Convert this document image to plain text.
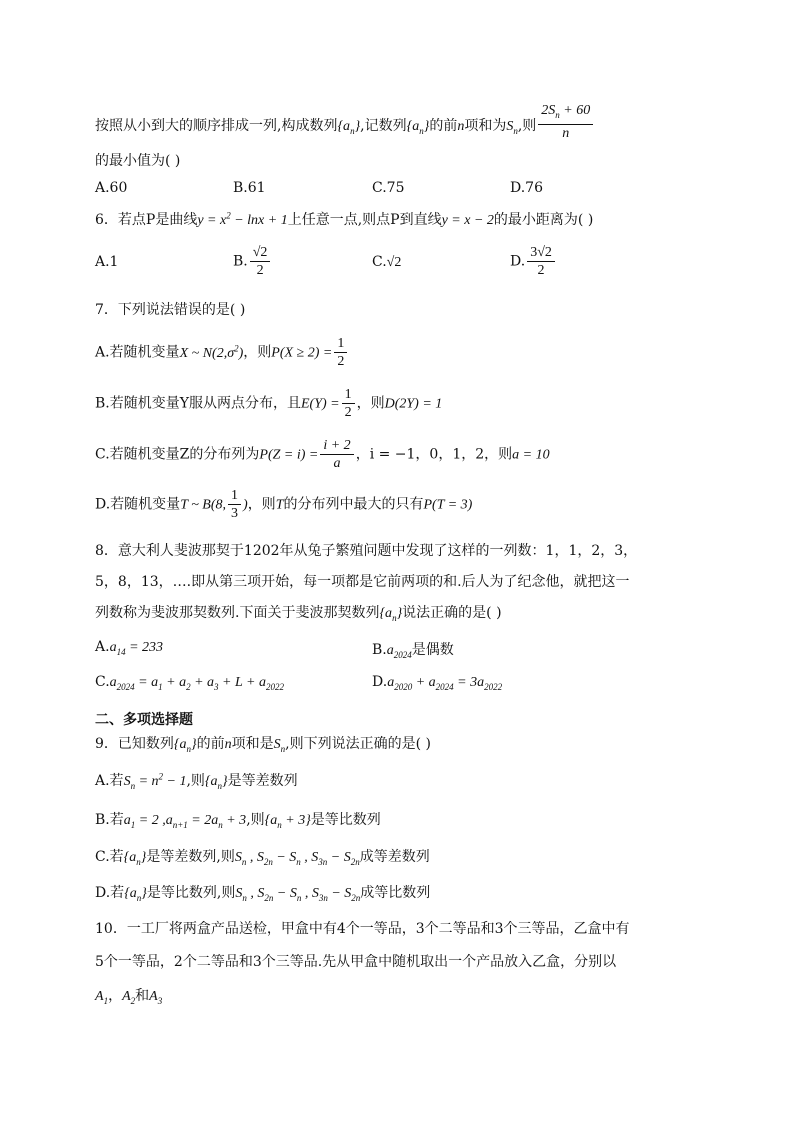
按照从小到大的顺序排成一列,构成数列$\{a_n\}$,记数列$\{a_n\}$的前n项和为$S_n$,则 $\frac{2S_n + 60}{n}$
的最小值为( )
A.60	B.61	C.75	D.76
6．若点P是曲线$y = x^2 - \ln x + 1$上任意一点,则点P到直线y = x − 2的最小距离为( )
A.1	B. $\frac{√2}{2}$	C.√2	D. $\frac{3√2}{2}$
7．下列说法错误的是( )
A.若随机变量X ~ $N(2,\sigma^2)$，则$P(X \ge 2) = \frac{1}{2}$
B.若随机变量Y服从两点分布，且$E(Y) = \frac{1}{2}$ ，则D(2Y) = 1
C.若随机变量Z的分布列为$P(Z = i) = \frac{i + 2}{a}$ ，i = −1，0，1，2，则a = 10
D.若随机变量T ~ B(8, $\frac{1}{3}$ )，则T的分布列中最大的只有P(T = 3)
8．意大利人斐波那契于1202年从兔子繁殖问题中发现了这样的一列数：1，1，2，3，
5，8，13，….即从第三项开始，每一项都是它前两项的和.后人为了纪念他，就把这一
列数称为斐波那契数列.下面关于斐波那契数列$\{a_n\}$说法正确的是( )
$A.a_{14} = 233$	$B.a_{2024}$是偶数
$C.a_{2024} = a_1 + a_2 + a_3 + L + a_{2022}$	$D.a_{2020} + a_{2024} = 3a_{2022}$
二、多项选择题
9．已知数列$\{a_n\}$的前n项和是$S_n$,则下列说法正确的是( )
A.若$S_n = n^2 - 1$,则$\{a_n\}$是等差数列
B.若$a_1 = 2$ $,a_{n+1} = 2a_n + 3$,则$\{a_n + 3\}$是等比数列
C.若$\{a_n\}$是等差数列,则$S_n$ , $S_{2n} - S_n$ , $S_{3n} - S_{2n}$成等差数列
D.若$\{a_n\}$是等比数列,则$S_n$ , $S_{2n} - S_n$ , $S_{3n} - S_{2n}$成等比数列
10．一工厂将两盒产品送检，甲盒中有4个一等品，3个二等品和3个三等品，乙盒中有
5个一等品，2个二等品和3个三等品.先从甲盒中随机取出一个产品放入乙盒，分别以
$A_1$，$A_2$和$A_3$
